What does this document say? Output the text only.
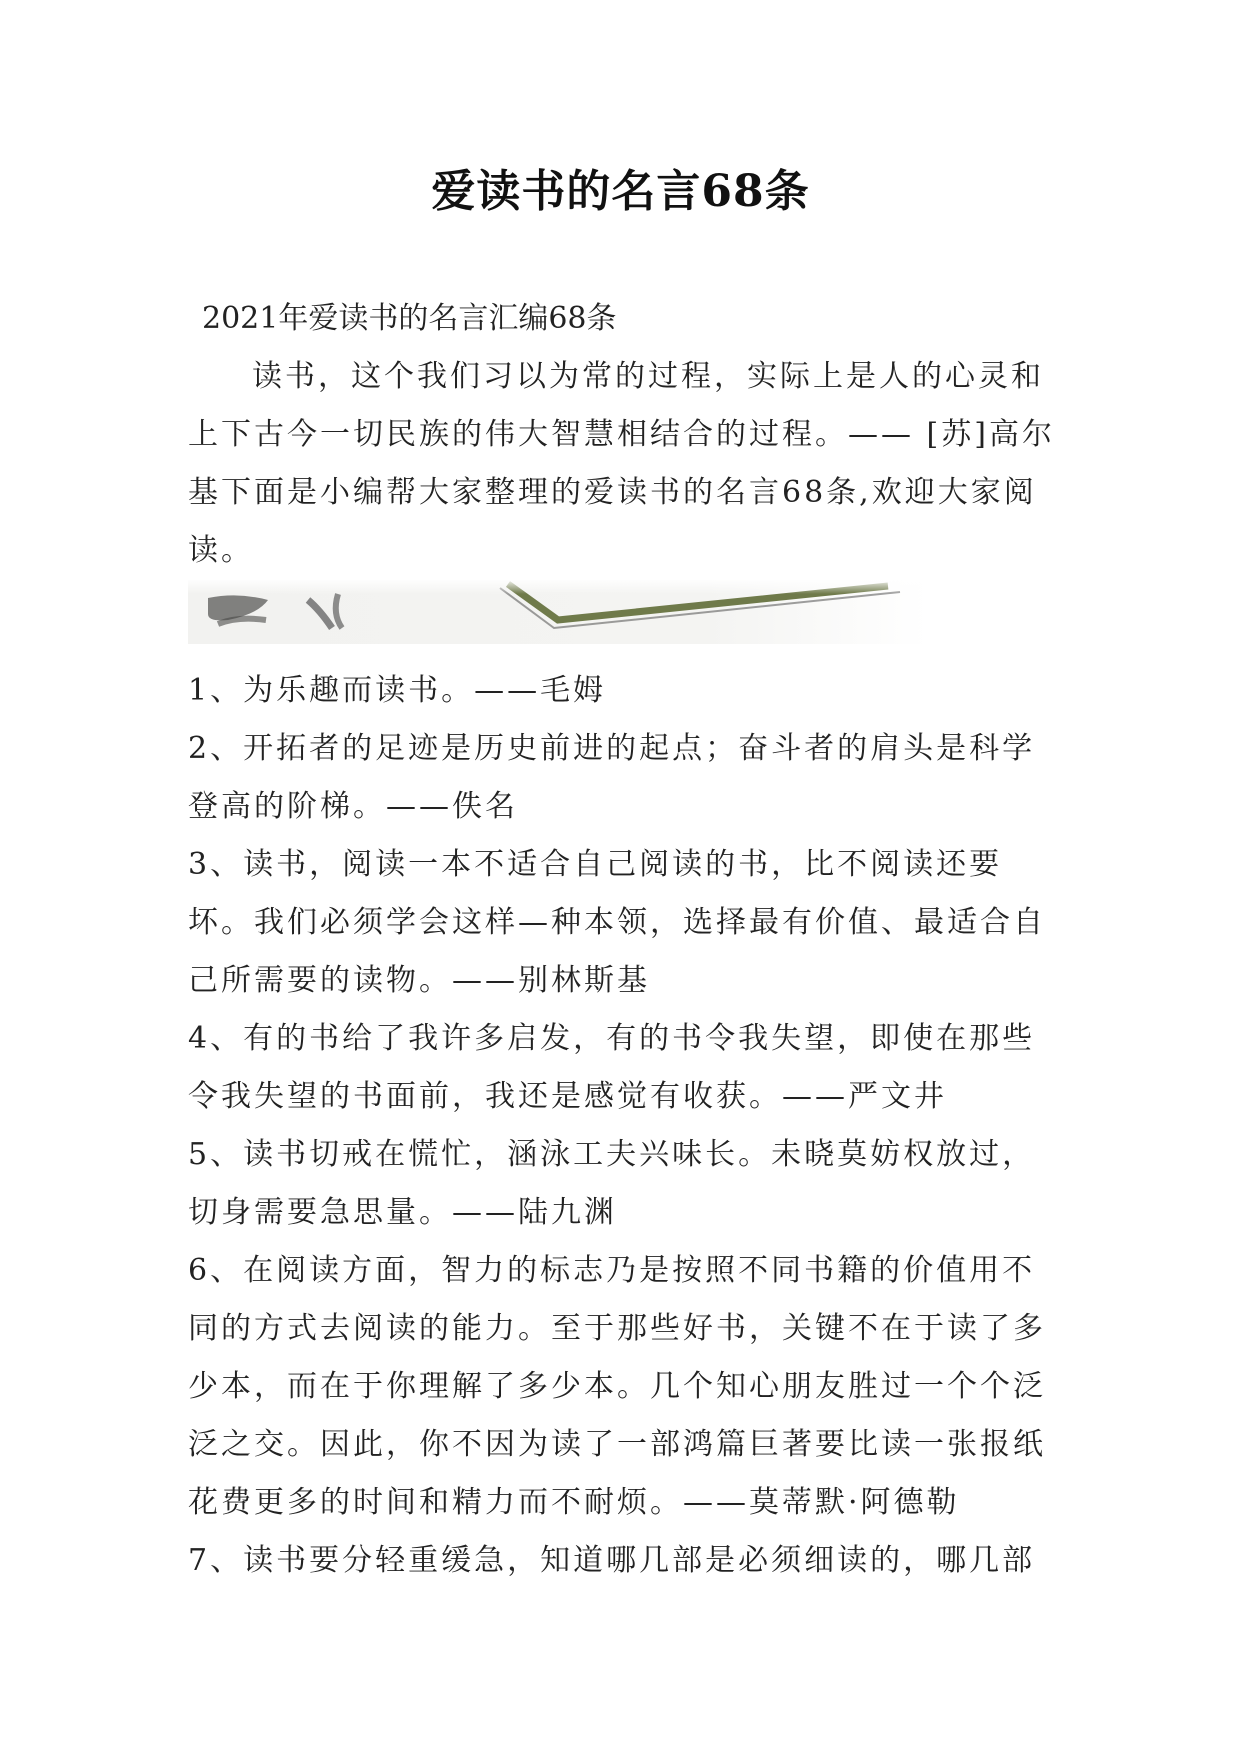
爱读书的名言68条
2021年爱读书的名言汇编68条

读书，这个我们习以为常的过程，实际上是人的心灵和上下古今一切民族的伟大智慧相结合的过程。—— [苏]高尔基下面是小编帮大家整理的爱读书的名言68条,欢迎大家阅读。

1、为乐趣而读书。——毛姆

2、开拓者的足迹是历史前进的起点；奋斗者的肩头是科学登高的阶梯。——佚名

3、读书，阅读一本不适合自己阅读的书，比不阅读还要坏。我们必须学会这样—种本领，选择最有价值、最适合自己所需要的读物。——别林斯基

4、有的书给了我许多启发，有的书令我失望，即使在那些令我失望的书面前，我还是感觉有收获。——严文井

5、读书切戒在慌忙，涵泳工夫兴味长。未晓莫妨权放过，切身需要急思量。——陆九渊

6、在阅读方面，智力的标志乃是按照不同书籍的价值用不同的方式去阅读的能力。至于那些好书，关键不在于读了多少本，而在于你理解了多少本。几个知心朋友胜过一个个泛泛之交。因此，你不因为读了一部鸿篇巨著要比读一张报纸花费更多的时间和精力而不耐烦。——莫蒂默·阿德勒

7、读书要分轻重缓急，知道哪几部是必须细读的，哪几部
